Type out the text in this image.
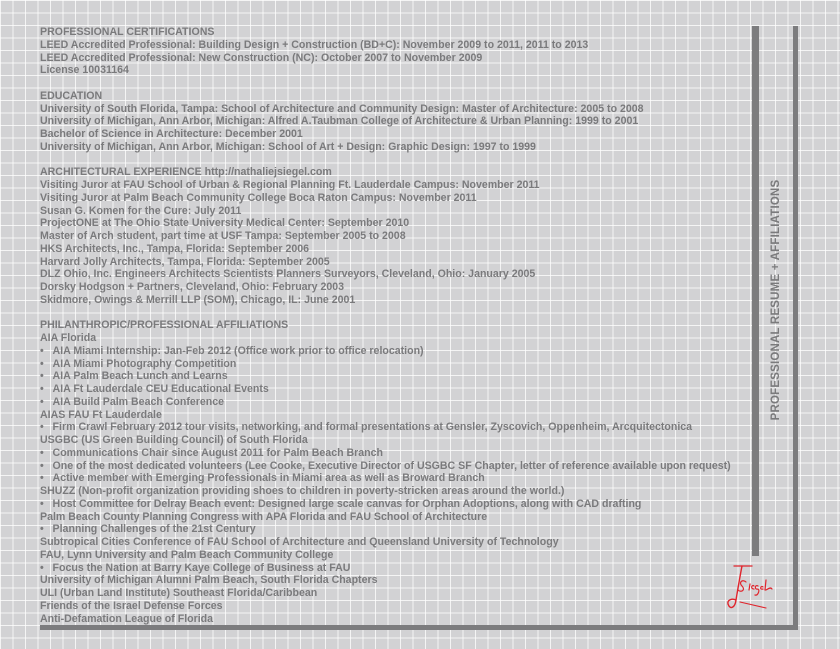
PROFESSIONAL CERTIFICATIONS
LEED Accredited Professional: Building Design + Construction (BD+C): November 2009 to 2011, 2011 to 2013
LEED Accredited Professional: New Construction (NC): October 2007 to November 2009
License 10031164
EDUCATION
University of South Florida, Tampa: School of Architecture and Community Design: Master of Architecture: 2005 to 2008
University of Michigan, Ann Arbor, Michigan: Alfred A.Taubman College of Architecture & Urban Planning: 1999 to 2001
Bachelor of Science in Architecture: December 2001
University of Michigan, Ann Arbor, Michigan: School of Art + Design: Graphic Design: 1997 to 1999
ARCHITECTURAL EXPERIENCE http://nathaliejsiegel.com
Visiting Juror at FAU School of Urban & Regional Planning Ft. Lauderdale Campus: November 2011
Visiting Juror at Palm Beach Community College Boca Raton Campus: November 2011
Susan G. Komen for the Cure: July 2011
ProjectONE at The Ohio State University Medical Center: September 2010
Master of Arch student, part time at USF Tampa: September 2005 to 2008
HKS Architects, Inc., Tampa, Florida: September 2006
Harvard Jolly Architects, Tampa, Florida: September 2005
DLZ Ohio, Inc. Engineers Architects Scientists Planners Surveyors, Cleveland, Ohio: January 2005
Dorsky Hodgson + Partners, Cleveland, Ohio: February 2003
Skidmore, Owings & Merrill LLP (SOM), Chicago, IL: June 2001
PHILANTHROPIC/PROFESSIONAL AFFILIATIONS
AIA Florida
•   AIA Miami Internship: Jan-Feb 2012 (Office work prior to office relocation)
•   AIA Miami Photography Competition
•   AIA Palm Beach Lunch and Learns
•   AIA Ft Lauderdale CEU Educational Events
•   AIA Build Palm Beach Conference
AIAS FAU Ft Lauderdale
•   Firm Crawl February 2012 tour visits, networking, and formal presentations at Gensler, Zyscovich, Oppenheim, Arcquitectonica
USGBC (US Green Building Council) of South Florida
•   Communications Chair since August 2011 for Palm Beach Branch
•   One of the most dedicated volunteers (Lee Cooke, Executive Director of USGBC SF Chapter, letter of reference available upon request)
•   Active member with Emerging Professionals in Miami area as well as Broward Branch
SHUZZ (Non-profit organization providing shoes to children in poverty-stricken areas around the world.)
•   Host Committee for Delray Beach event: Designed large scale canvas for Orphan Adoptions, along with CAD drafting
Palm Beach County Planning Congress with APA Florida and FAU School of Architecture
•   Planning Challenges of the 21st Century
Subtropical Cities Conference of FAU School of Architecture and Queensland University of Technology
FAU, Lynn University and Palm Beach Community College
•   Focus the Nation at Barry Kaye College of Business at FAU
University of Michigan Alumni Palm Beach, South Florida Chapters
ULI (Urban Land Institute) Southeast Florida/Caribbean
Friends of the Israel Defense Forces
Anti-Defamation League of Florida
PROFESSIONAL RESUME + AFFILIATIONS
